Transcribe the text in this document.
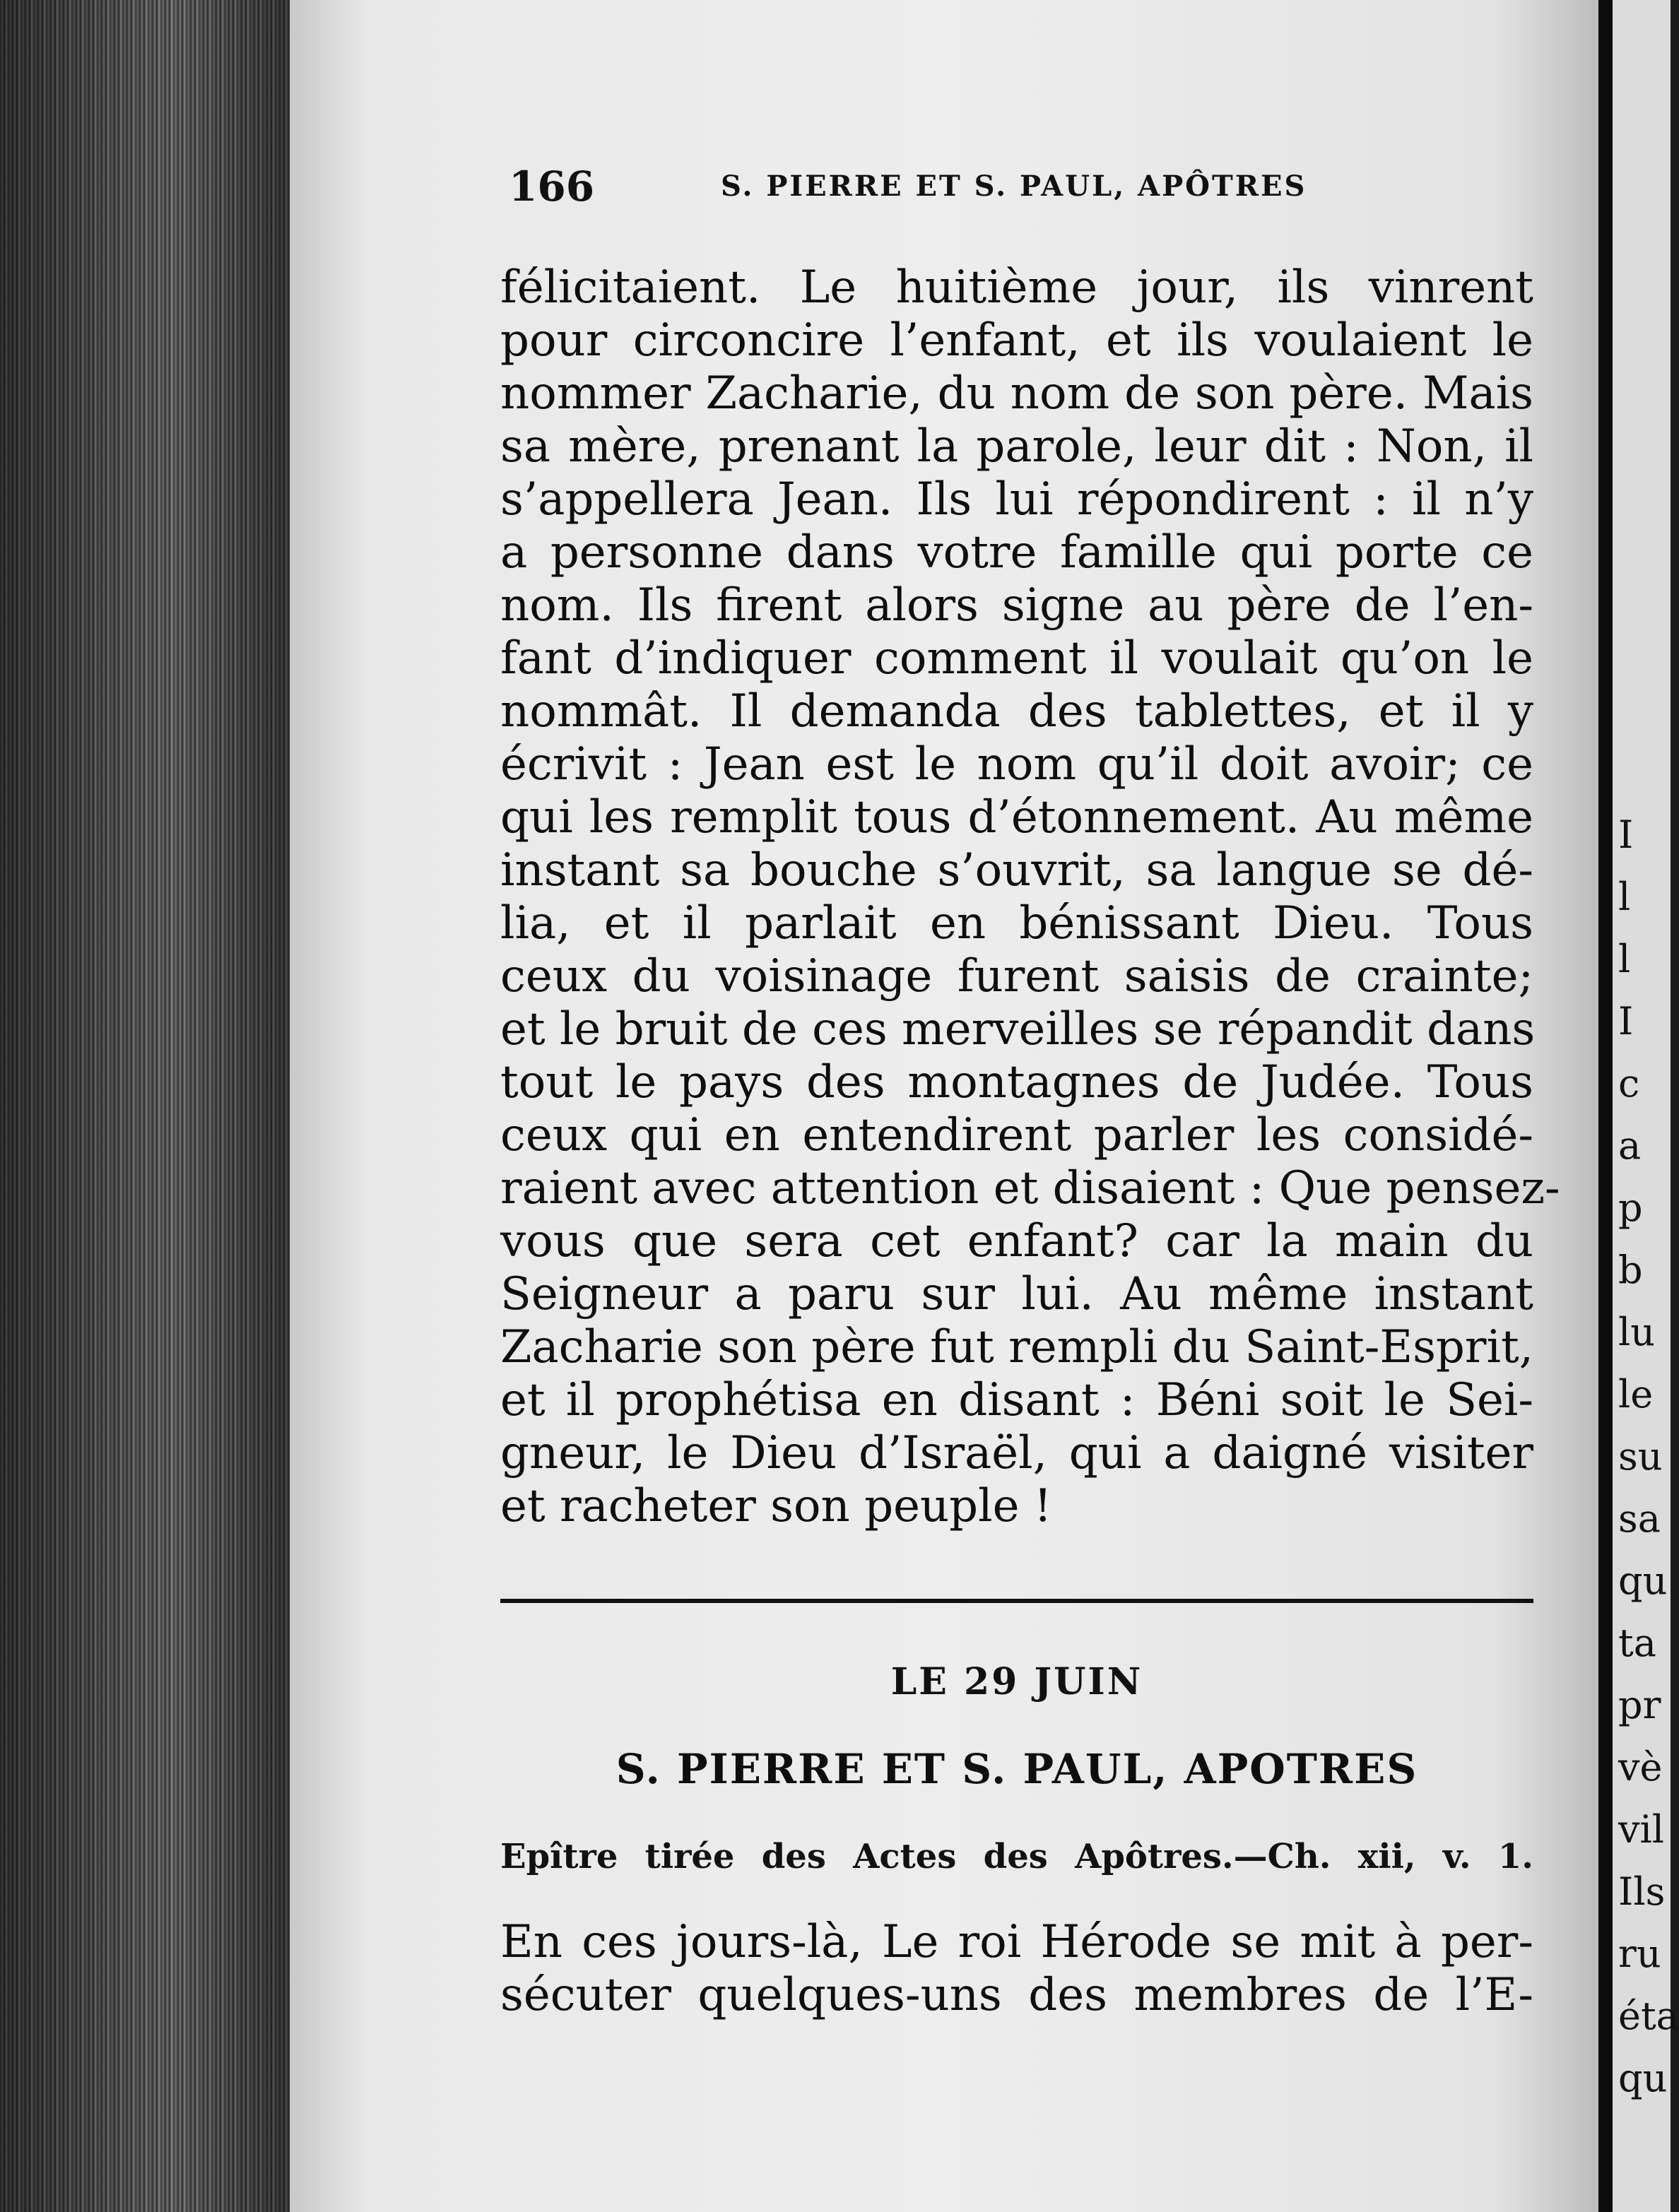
166	S. PIERRE ET S. PAUL, APÔTRES
félicitaient. Le huitième jour, ils vinrent
pour circoncire l’enfant, et ils voulaient le
nommer Zacharie, du nom de son père. Mais
sa mère, prenant la parole, leur dit : Non, il
s’appellera Jean. Ils lui répondirent : il n’y
a personne dans votre famille qui porte ce
nom. Ils firent alors signe au père de l’en-
fant d’indiquer comment il voulait qu’on le
nommât. Il demanda des tablettes, et il y
écrivit : Jean est le nom qu’il doit avoir; ce
qui les remplit tous d’étonnement. Au même
instant sa bouche s’ouvrit, sa langue se dé-
lia, et il parlait en bénissant Dieu. Tous
ceux du voisinage furent saisis de crainte;
et le bruit de ces merveilles se répandit dans
tout le pays des montagnes de Judée. Tous
ceux qui en entendirent parler les considé-
raient avec attention et disaient : Que pensez-
vous que sera cet enfant? car la main du
Seigneur a paru sur lui. Au même instant
Zacharie son père fut rempli du Saint-Esprit,
et il prophétisa en disant : Béni soit le Sei-
gneur, le Dieu d’Israël, qui a daigné visiter
et racheter son peuple !
LE 29 JUIN
S. PIERRE ET S. PAUL, APOTRES
Epître tirée des Actes des Apôtres.—Ch. xii, v. 1.
En ces jours-là, Le roi Hérode se mit à per-
sécuter quelques-uns des membres de l’E-
I
l
l
I
c
a
p
b
lu
le
su
sa
qu
ta
pr
vè
vil
Ils
ru
éta
qu
